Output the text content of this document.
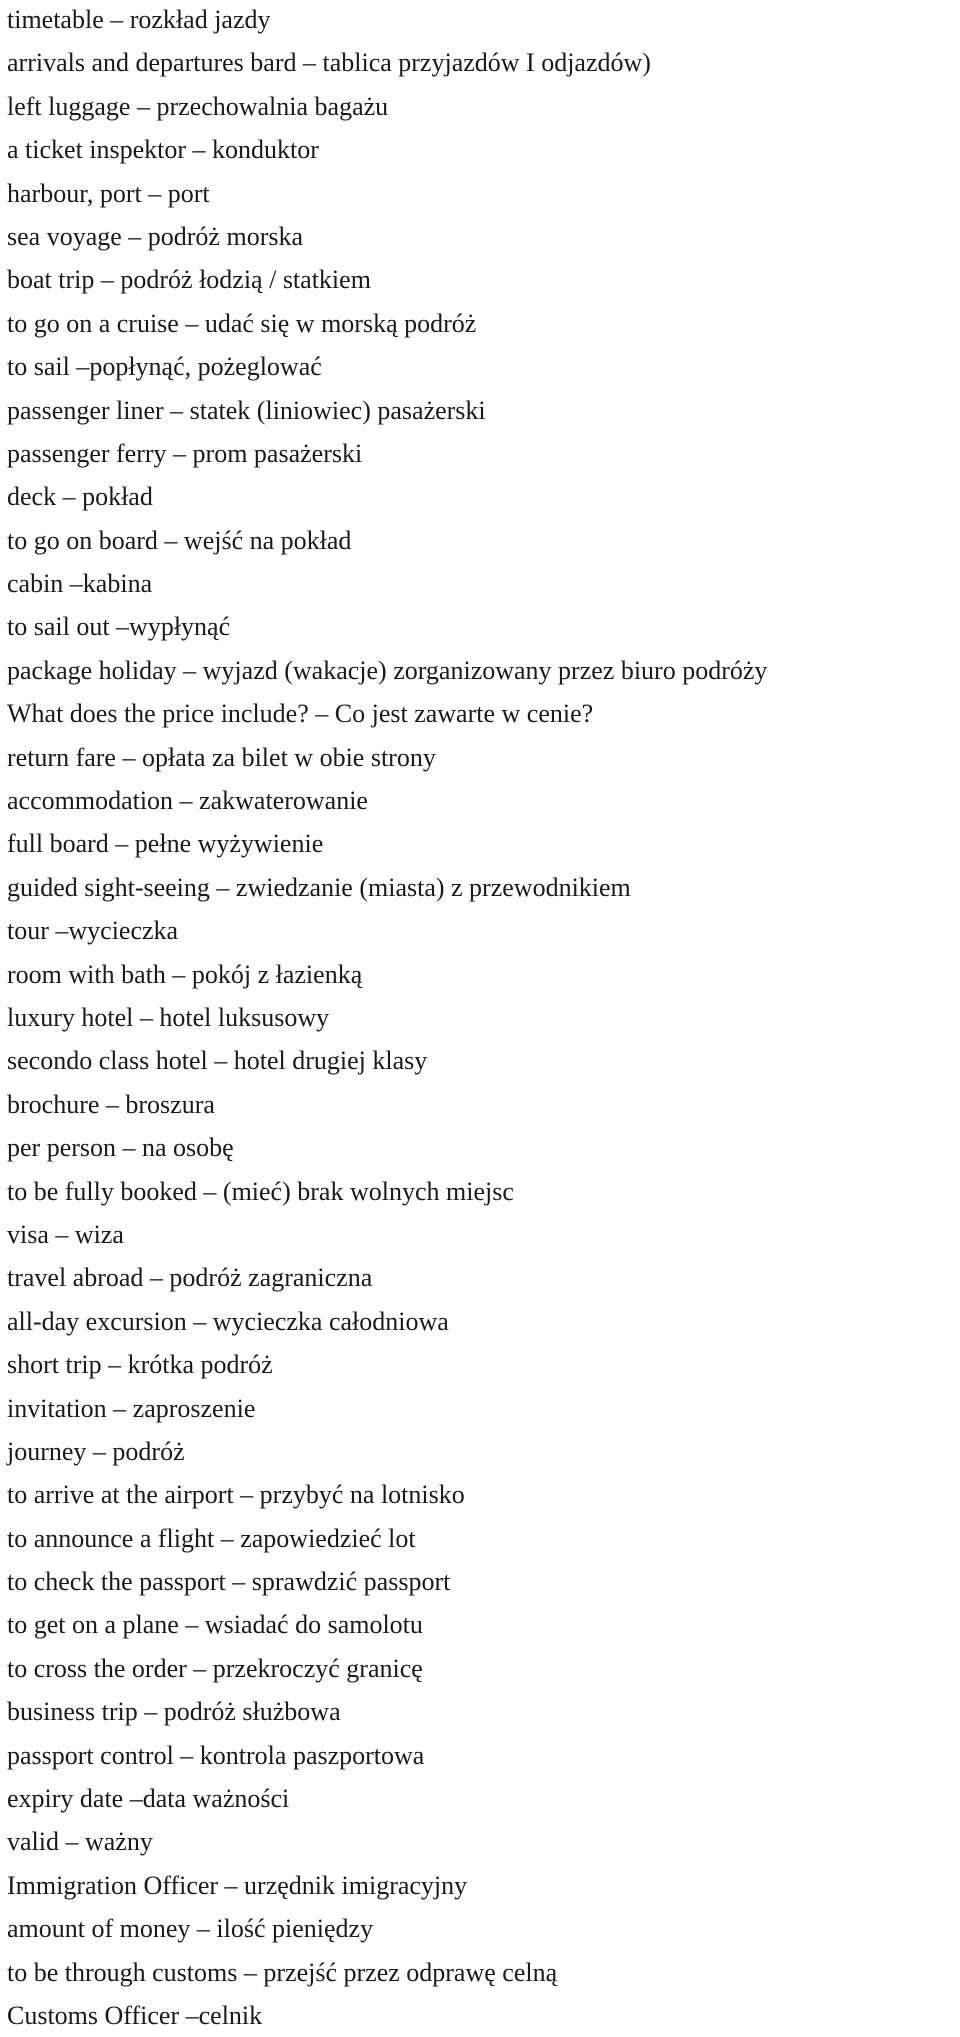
timetable – rozkład jazdy
arrivals and departures bard – tablica przyjazdów I odjazdów)
left luggage – przechowalnia bagażu
a ticket inspektor – kondukto‍r
harbour, port – port
sea voyage – podróż morska
boat trip – podróż łodzią / statkiem
to go on a cruise – udać się w morską podróż
to sail –popłynąć, pożeglować
passenger liner – statek (liniowiec) pasażerski
passenger ferry – prom pasażerski
deck – pokład
to go on board – wejść na pokład
cabin –kabina
to sail out –wypłynąć
package holiday – wyjazd (wakacje) zorganizowany przez biuro podróży
What does the price include? – Co jest zawarte w cenie?
return fare – opłata za bilet w obie strony
accommodation – zakwaterowanie
full board – pełne wyżywienie
guided sight-seeing – zwiedzanie (miasta) z przewodnikiem
tour –wycieczka
room with bath – pokój z łazienką
luxury hotel – hotel luksusowy
secondo class hotel – hotel drugiej klasy
brochure – broszura
per person – na osobę
to be fully booked – (mieć) brak wolnych miejsc
visa – wiza
travel abroad – podróż zagraniczna
all-day excursion – wycieczka całodniowa
short trip – krótka podróż
invitation – zaproszenie
journey – podróż
to arrive at the airport – przybyć na lotnisko
to announce a flight – zapowiedzieć lot
to check the passport – sprawdzić passport
to get on a plane – wsiadać do samolotu
to cross the order – przekroczyć granicę
business trip – podróż służbowa
passport control – kontrola paszportowa
expiry date –data ważności
valid – ważny
Immigration Officer – urzędnik imigracyjny
amount of money – ilość pieniędzy
to be through customs – przejść przez odprawę celną
Customs Officer –celnik
